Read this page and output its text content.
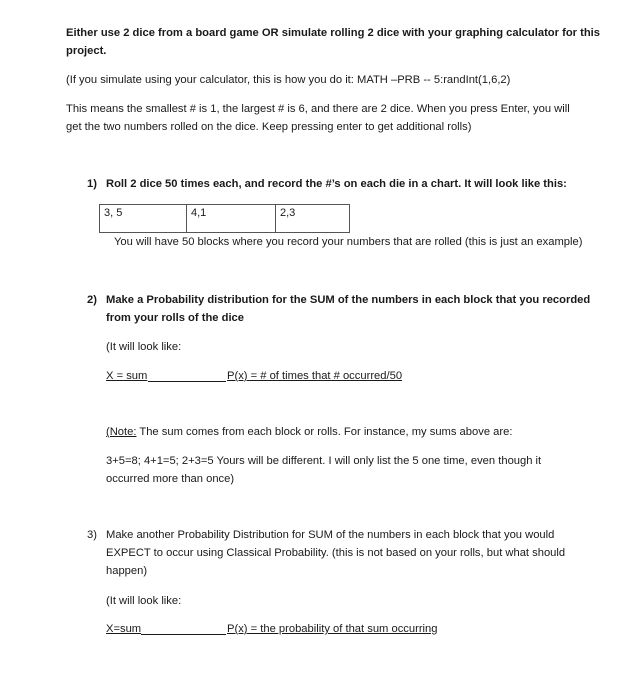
Either use 2 dice from a board game OR simulate rolling 2 dice with your graphing calculator for this
project.
(If you simulate using your calculator, this is how you do it: MATH –PRB -- 5:randInt(1,6,2)
This means the smallest # is 1, the largest # is 6, and there are 2 dice. When you press Enter, you will
get the two numbers rolled on the dice. Keep pressing enter to get additional rolls)
1) Roll 2 dice 50 times each, and record the #’s on each die in a chart. It will look like this:
3, 5	4,1	2,3
You will have 50 blocks where you record your numbers that are rolled (this is just an example)
2) Make a Probability distribution for the SUM of the numbers in each block that you recorded
from your rolls of the dice
(It will look like:
X = sum	P(x) = # of times that # occurred/50
(Note: The sum comes from each block or rolls. For instance, my sums above are:
3+5=8; 4+1=5; 2+3=5 Yours will be different. I will only list the 5 one time, even though it
occurred more than once)
3) Make another Probability Distribution for SUM of the numbers in each block that you would
EXPECT to occur using Classical Probability. (this is not based on your rolls, but what should
happen)
(It will look like:
X=sum	P(x) = the probability of that sum occurring
